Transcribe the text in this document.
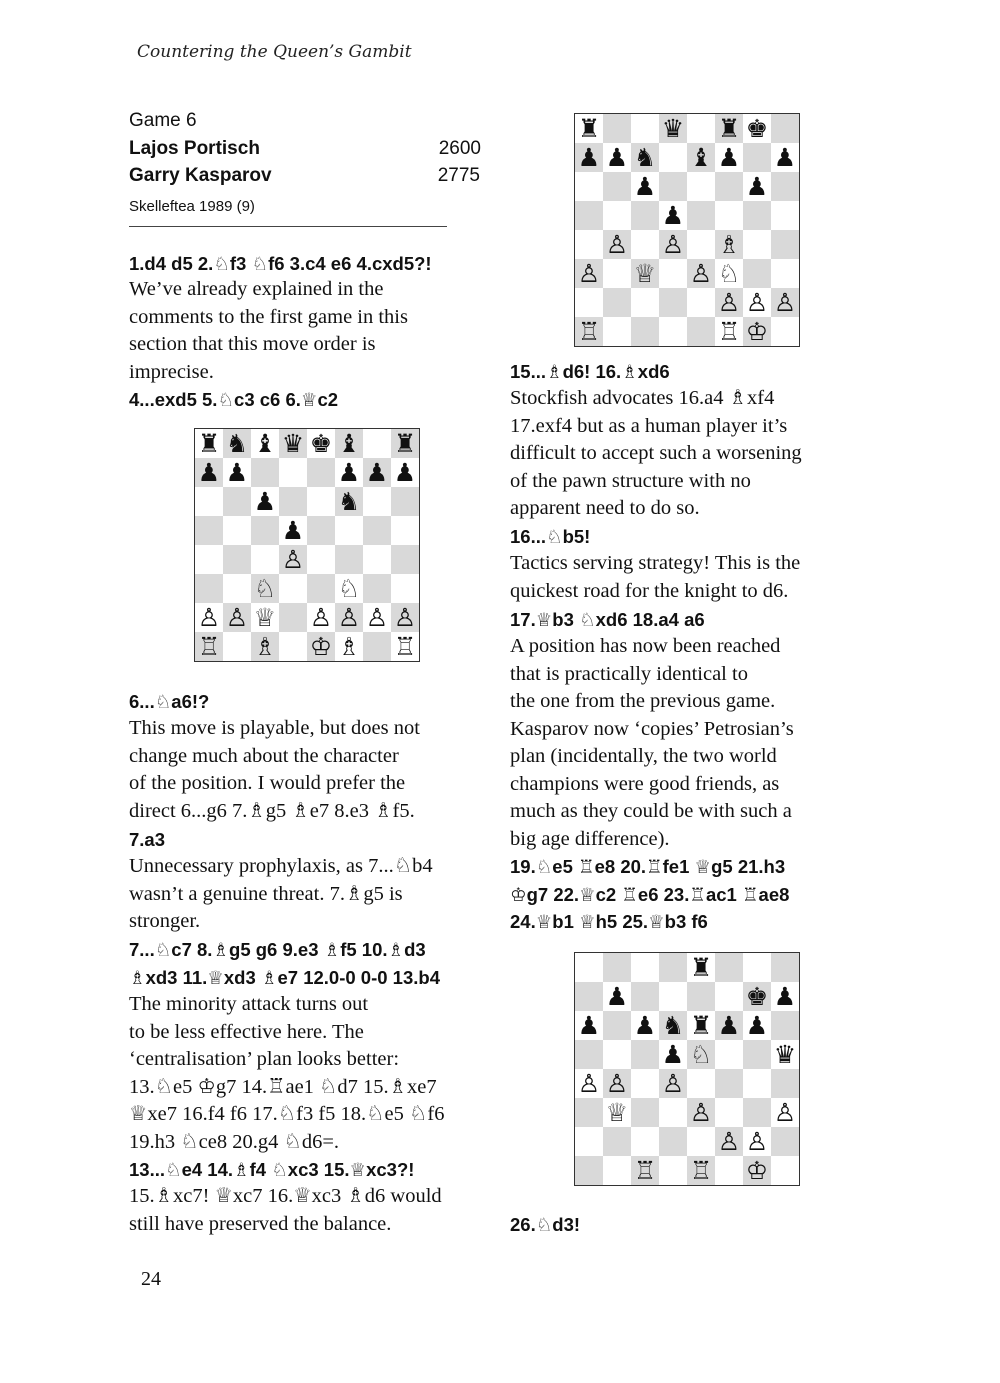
Countering the Queen’s Gambit
Game 6
Lajos Portisch	2600
Garry Kasparov	2775
Skelleftea 1989 (9)

1.d4 d5 2.♘f3 ♘f6 3.c4 e6 4.cxd5?!

We’ve already explained in the

comments to the first game in this

section that this move order is

imprecise.

4...exd5 5.♘c3 c6 6.♕c2

6...♘a6!?

This move is playable, but does not

change much about the character

of the position. I would prefer the

direct 6...g6 7.♗g5 ♗e7 8.e3 ♗f5.

7.a3

Unnecessary prophylaxis, as 7...♘b4

wasn’t a genuine threat. 7.♗g5 is

stronger.

7...♘c7 8.♗g5 g6 9.e3 ♗f5 10.♗d3

♗xd3 11.♕xd3 ♗e7 12.0-0 0-0 13.b4

The minority attack turns out

to be less effective here. The

‘centralisation’ plan looks better:

13.♘e5 ♔g7 14.♖ae1 ♘d7 15.♗xe7

♕xe7 16.f4 f6 17.♘f3 f5 18.♘e5 ♘f6

19.h3 ♘ce8 20.g4 ♘d6=.

13...♘e4 14.♗f4 ♘xc3 15.♕xc3?!

15.♗xc7! ♕xc7 16.♕xc3 ♗d6 would

still have preserved the balance.

15...♗d6! 16.♗xd6

Stockfish advocates 16.a4 ♗xf4

17.exf4 but as a human player it’s

difficult to accept such a worsening

of the pawn structure with no

apparent need to do so.

16...♘b5!

Tactics serving strategy! This is the

quickest road for the knight to d6.

17.♕b3 ♘xd6 18.a4 a6

A position has now been reached

that is practically identical to

the one from the previous game.

Kasparov now ‘copies’ Petrosian’s

plan (incidentally, the two world

champions were good friends, as

much as they could be with such a

big age difference).

19.♘e5 ♖e8 20.♖fe1 ♕g5 21.h3

♔g7 22.♕c2 ♖e6 23.♖ac1 ♖ae8

24.♕b1 ♕h5 25.♕b3 f6

26.♘d3!

♜ ♞ ♝ ♛ ♚ ♝ ♜
♟ ♟	♟ ♟ ♟
♟ ♞
♟
♙
♘ ♘
♙ ♙ ♕ ♙ ♙ ♙ ♙
♖ ♗ ♔ ♗ ♖
♜ ♛ ♜ ♚
♟ ♟ ♞ ♝ ♟ ♟
♟	♟
♟
♙ ♙ ♗
♙ ♕ ♙ ♘
♙ ♙ ♙
♖	♖ ♔
♜
♟	♚ ♟
♟ ♟ ♞ ♜ ♟ ♟
♟ ♘ ♛
♙ ♙ ♙
♕ ♙ ♙
♙ ♙
♖ ♖ ♔
24
